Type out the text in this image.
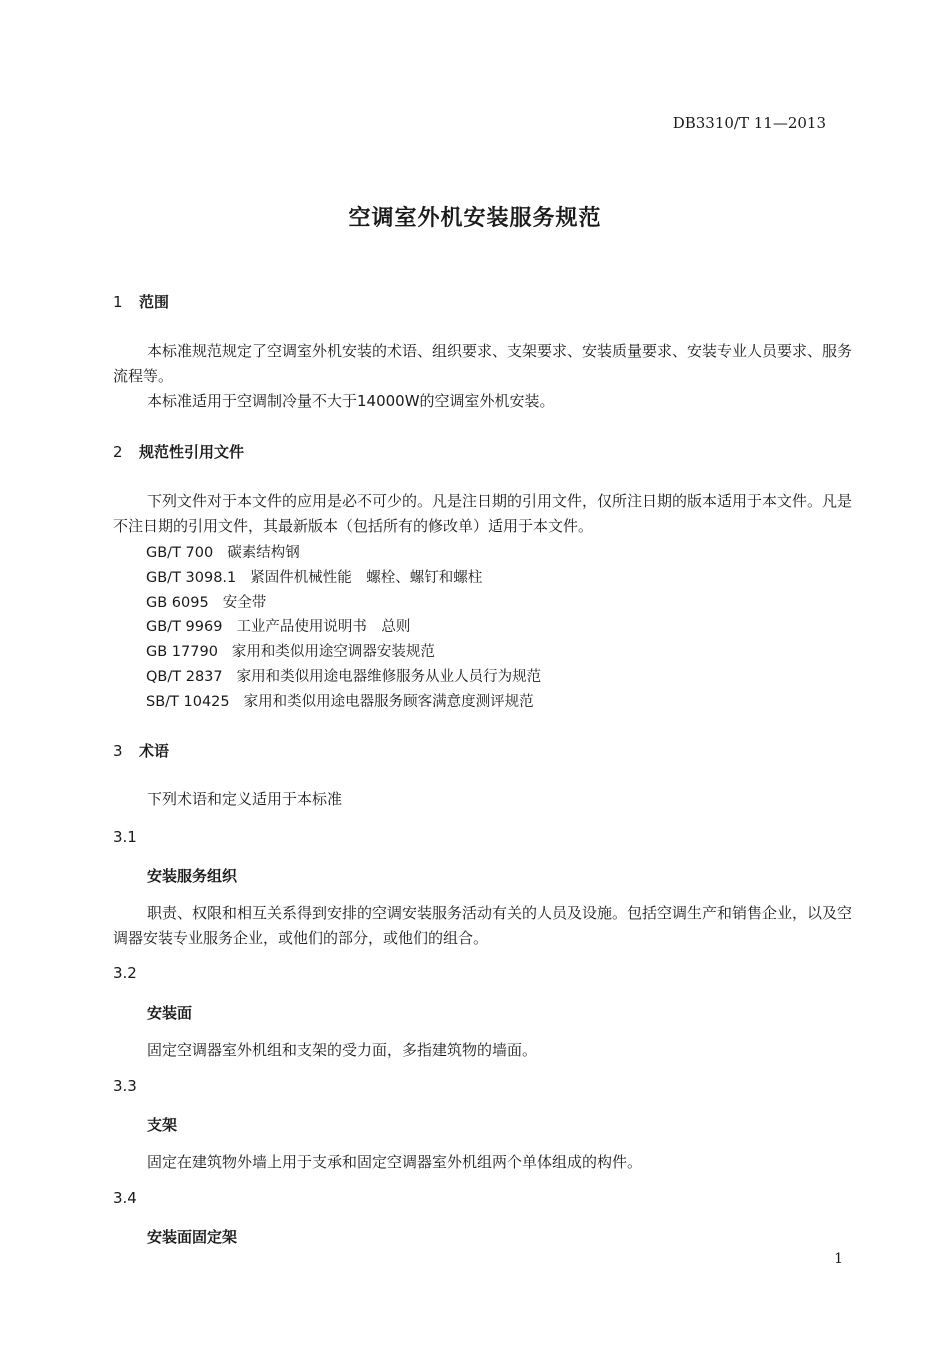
DB3310/T 11—2013
空调室外机安装服务规范
1 范围
本标准规范规定了空调室外机安装的术语、组织要求、支架要求、安装质量要求、安装专业人员要求、服务流程等。
本标准适用于空调制冷量不大于14000W的空调室外机安装。
2 规范性引用文件
下列文件对于本文件的应用是必不可少的。凡是注日期的引用文件，仅所注日期的版本适用于本文件。凡是不注日期的引用文件，其最新版本（包括所有的修改单）适用于本文件。
GB/T 700 碳素结构钢
GB/T 3098.1 紧固件机械性能　螺栓、螺钉和螺柱
GB 6095 安全带
GB/T 9969 工业产品使用说明书　总则
GB 17790 家用和类似用途空调器安装规范
QB/T 2837 家用和类似用途电器维修服务从业人员行为规范
SB/T 10425 家用和类似用途电器服务顾客满意度测评规范
3 术语
下列术语和定义适用于本标准
3.1
安装服务组织
职责、权限和相互关系得到安排的空调安装服务活动有关的人员及设施。包括空调生产和销售企业，以及空调器安装专业服务企业，或他们的部分，或他们的组合。
3.2
安装面
固定空调器室外机组和支架的受力面，多指建筑物的墙面。
3.3
支架
固定在建筑物外墙上用于支承和固定空调器室外机组两个单体组成的构件。
3.4
安装面固定架
1
